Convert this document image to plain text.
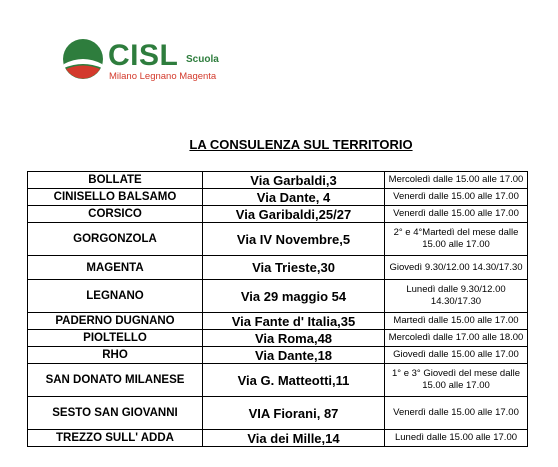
CISL Scuola
Milano Legnano Magenta
LA CONSULENZA SUL TERRITORIO
BOLLATE	Via Garbaldi,3	Mercoledì dalle 15.00 alle 17.00
CINISELLO BALSAMO	Via Dante, 4	Venerdì dalle 15.00 alle 17.00
CORSICO	Via Garibaldi,25/27	Venerdì dalle 15.00 alle 17.00
GORGONZOLA	Via IV Novembre,5	2° e 4°Martedì del mese dalle 15.00 alle 17.00
MAGENTA	Via Trieste,30	Giovedì 9.30/12.00 14.30/17.30
LEGNANO	Via 29 maggio 54	Lunedì dalle 9.30/12.00 14.30/17.30
PADERNO DUGNANO	Via Fante d' Italia,35	Martedì dalle 15.00 alle 17.00
PIOLTELLO	Via Roma,48	Mercoledì dalle 17.00 alle 18.00
RHO	Via Dante,18	Giovedì dalle 15.00 alle 17.00
SAN DONATO MILANESE	Via G. Matteotti,11	1° e 3° Giovedì del mese dalle 15.00 alle 17.00
SESTO SAN GIOVANNI	VIA Fiorani, 87	Venerdì dalle 15.00 alle 17.00
TREZZO SULL' ADDA	Via dei Mille,14	Lunedì dalle 15.00 alle 17.00
